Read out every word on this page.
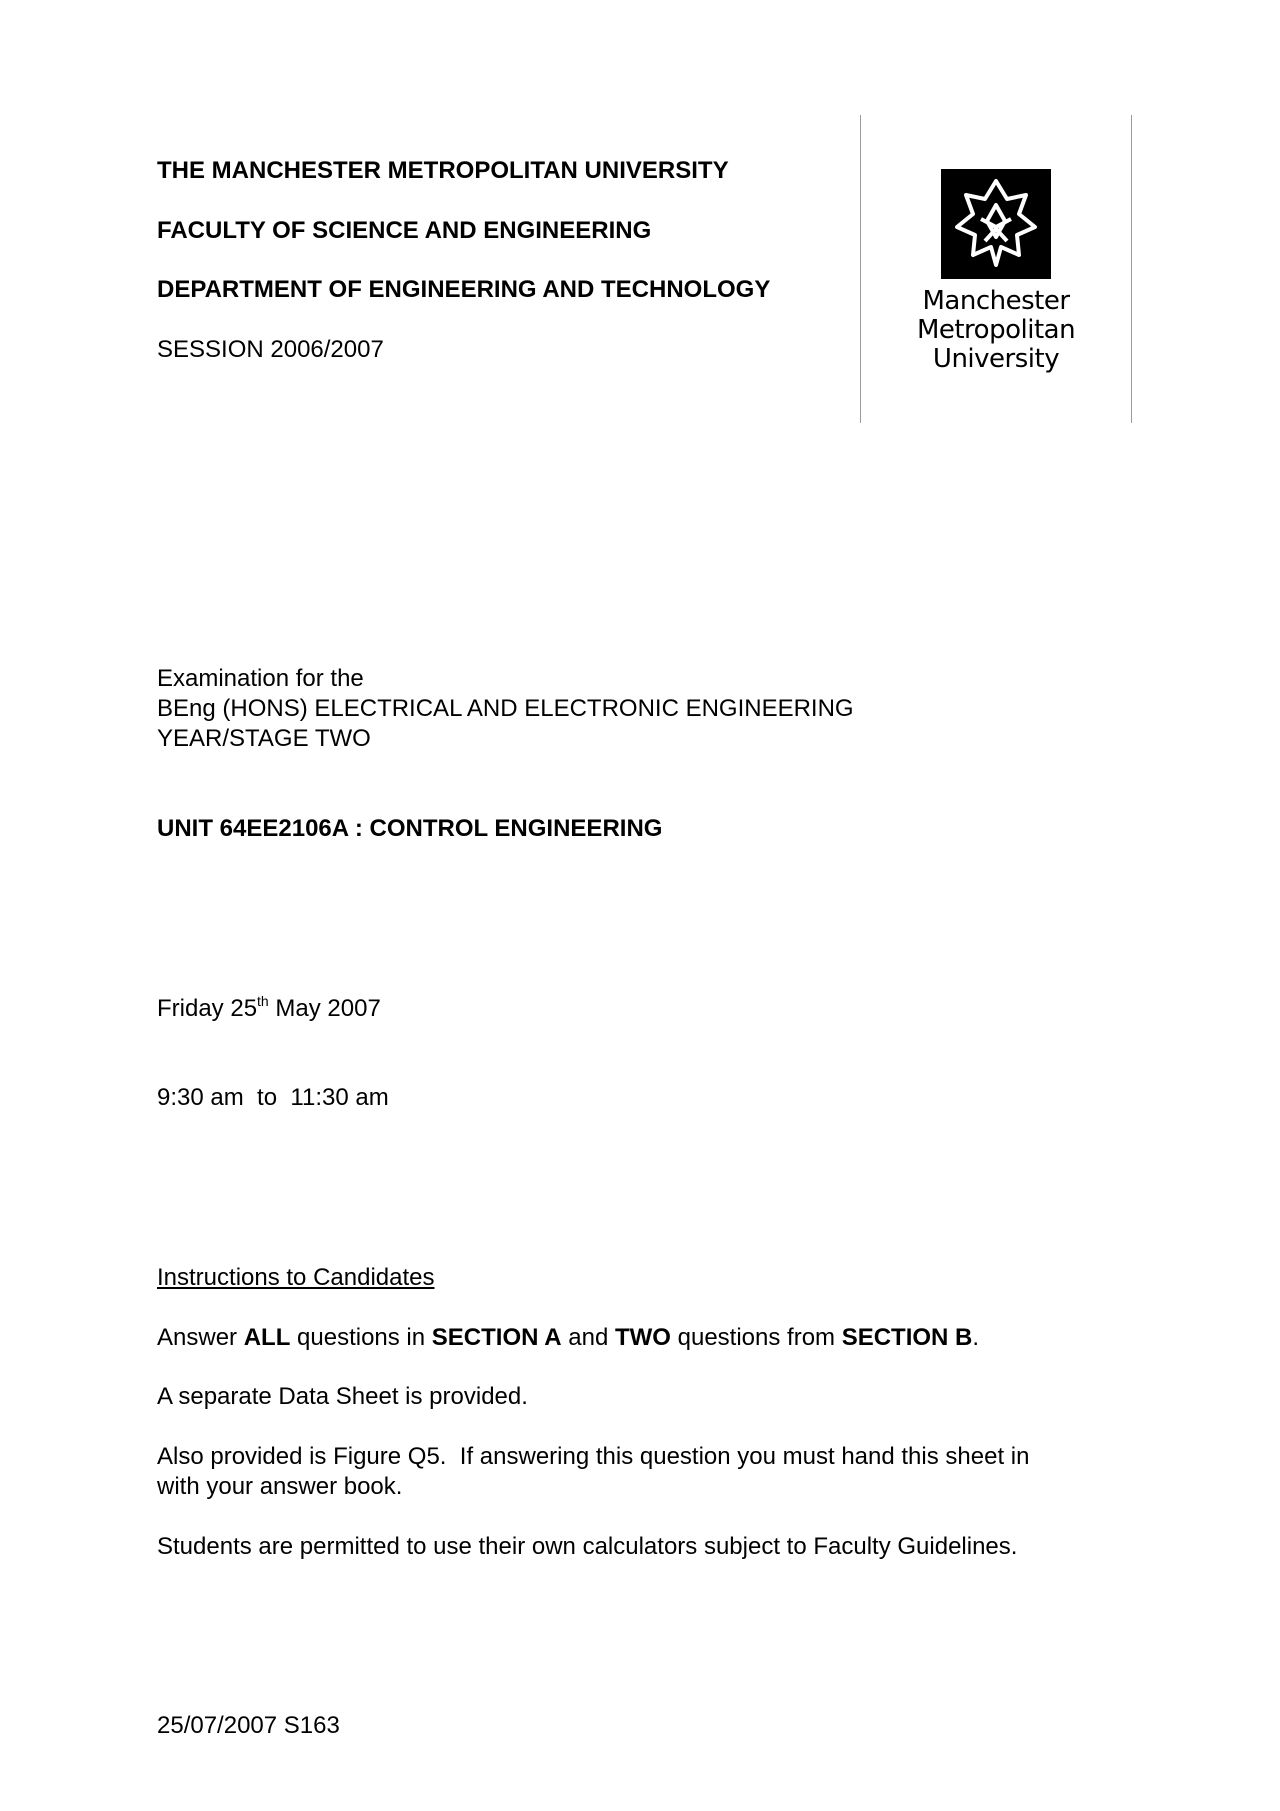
THE MANCHESTER METROPOLITAN UNIVERSITY
FACULTY OF SCIENCE AND ENGINEERING
DEPARTMENT OF ENGINEERING AND TECHNOLOGY
SESSION 2006/2007
Manchester
Metropolitan
University
Examination for the
BEng (HONS) ELECTRICAL AND ELECTRONIC ENGINEERING
YEAR/STAGE TWO
UNIT 64EE2106A : CONTROL ENGINEERING
Friday 25th May 2007
9:30 am  to  11:30 am
Instructions to Candidates
Answer ALL questions in SECTION A and TWO questions from SECTION B.
A separate Data Sheet is provided.
Also provided is Figure Q5.  If answering this question you must hand this sheet in
with your answer book.
Students are permitted to use their own calculators subject to Faculty Guidelines.
25/07/2007 S163
